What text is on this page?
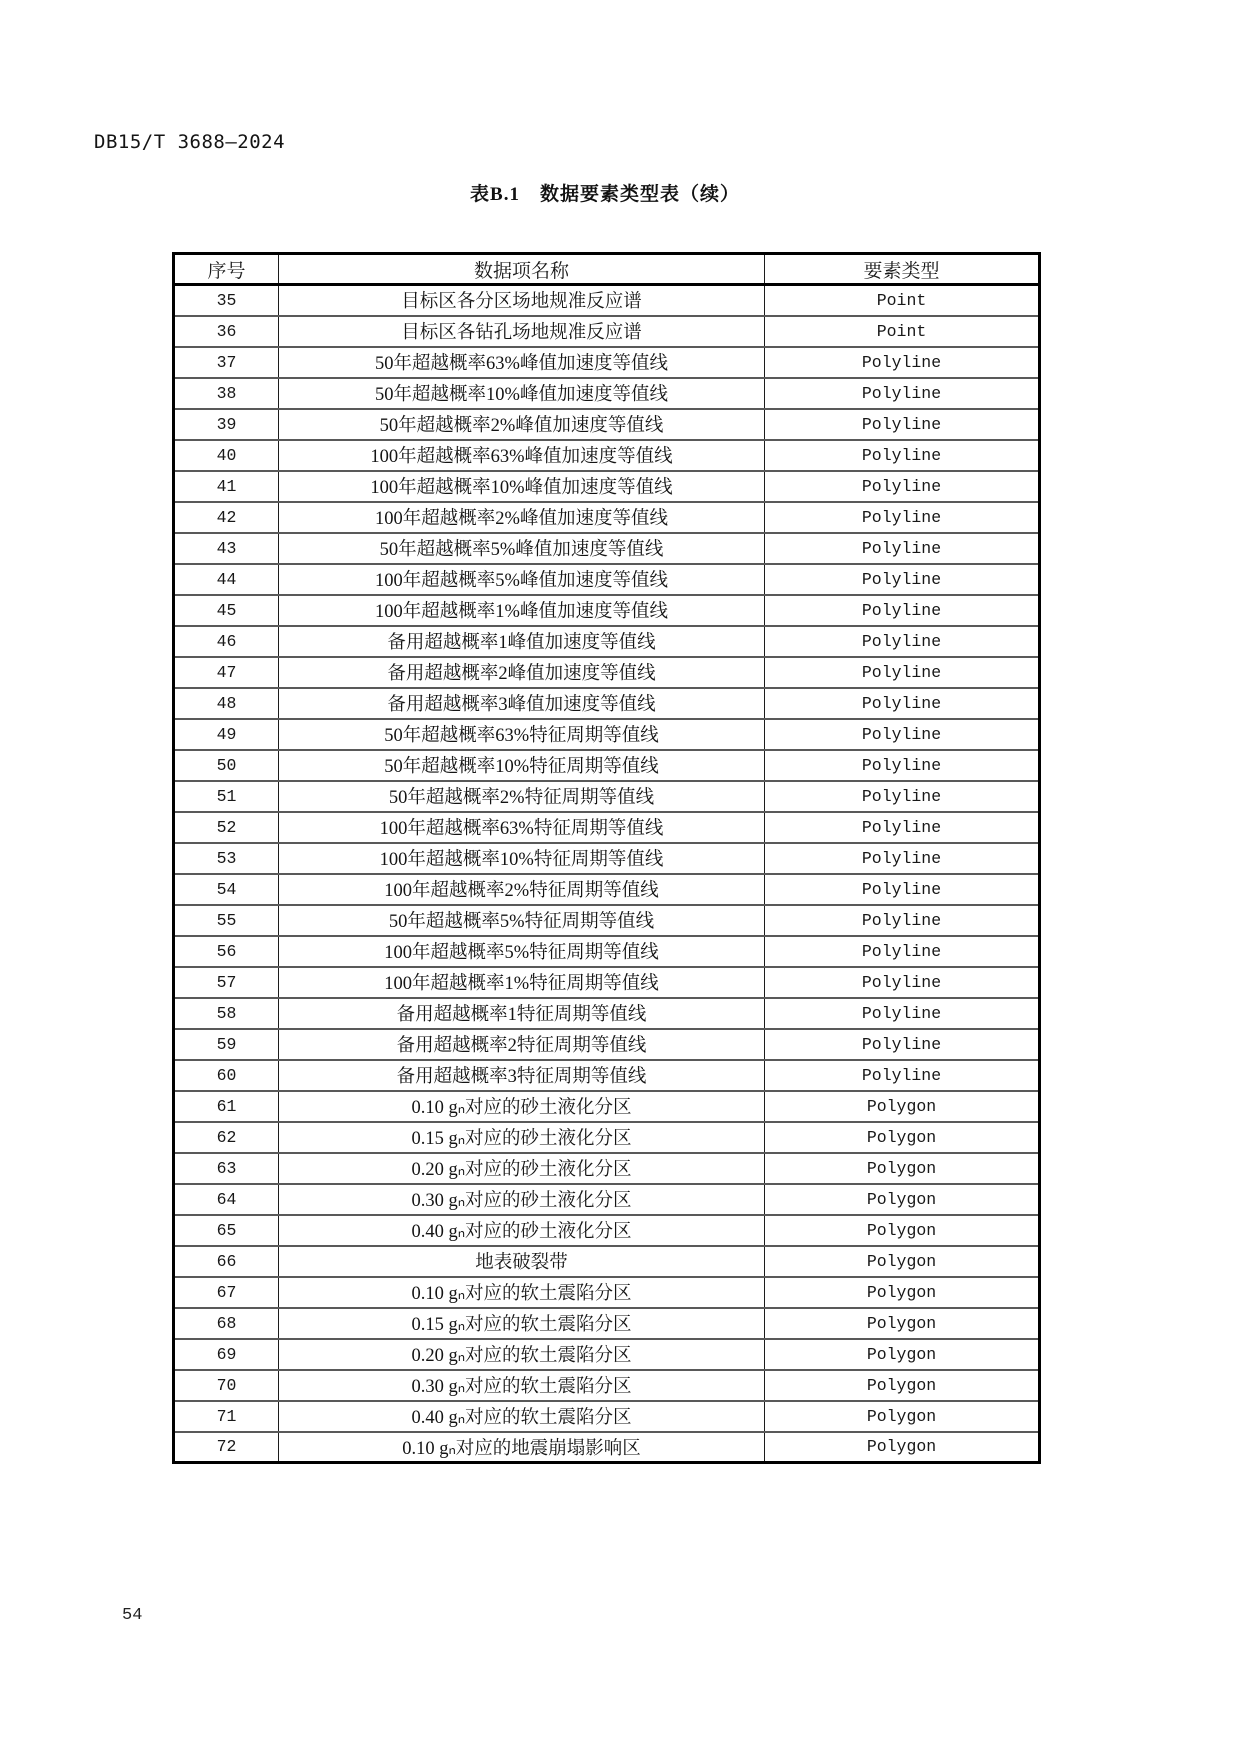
DB15/T 3688—2024
表B.1　数据要素类型表（续）
序号	数据项名称	要素类型
35	目标区各分区场地规准反应谱	Point
36	目标区各钻孔场地规准反应谱	Point
37	50年超越概率63%峰值加速度等值线	Polyline
38	50年超越概率10%峰值加速度等值线	Polyline
39	50年超越概率2%峰值加速度等值线	Polyline
40	100年超越概率63%峰值加速度等值线	Polyline
41	100年超越概率10%峰值加速度等值线	Polyline
42	100年超越概率2%峰值加速度等值线	Polyline
43	50年超越概率5%峰值加速度等值线	Polyline
44	100年超越概率5%峰值加速度等值线	Polyline
45	100年超越概率1%峰值加速度等值线	Polyline
46	备用超越概率1峰值加速度等值线	Polyline
47	备用超越概率2峰值加速度等值线	Polyline
48	备用超越概率3峰值加速度等值线	Polyline
49	50年超越概率63%特征周期等值线	Polyline
50	50年超越概率10%特征周期等值线	Polyline
51	50年超越概率2%特征周期等值线	Polyline
52	100年超越概率63%特征周期等值线	Polyline
53	100年超越概率10%特征周期等值线	Polyline
54	100年超越概率2%特征周期等值线	Polyline
55	50年超越概率5%特征周期等值线	Polyline
56	100年超越概率5%特征周期等值线	Polyline
57	100年超越概率1%特征周期等值线	Polyline
58	备用超越概率1特征周期等值线	Polyline
59	备用超越概率2特征周期等值线	Polyline
60	备用超越概率3特征周期等值线	Polyline
61	0.10 gₙ对应的砂土液化分区	Polygon
62	0.15 gₙ对应的砂土液化分区	Polygon
63	0.20 gₙ对应的砂土液化分区	Polygon
64	0.30 gₙ对应的砂土液化分区	Polygon
65	0.40 gₙ对应的砂土液化分区	Polygon
66	地表破裂带	Polygon
67	0.10 gₙ对应的软土震陷分区	Polygon
68	0.15 gₙ对应的软土震陷分区	Polygon
69	0.20 gₙ对应的软土震陷分区	Polygon
70	0.30 gₙ对应的软土震陷分区	Polygon
71	0.40 gₙ对应的软土震陷分区	Polygon
72	0.10 gₙ对应的地震崩塌影响区	Polygon
54
